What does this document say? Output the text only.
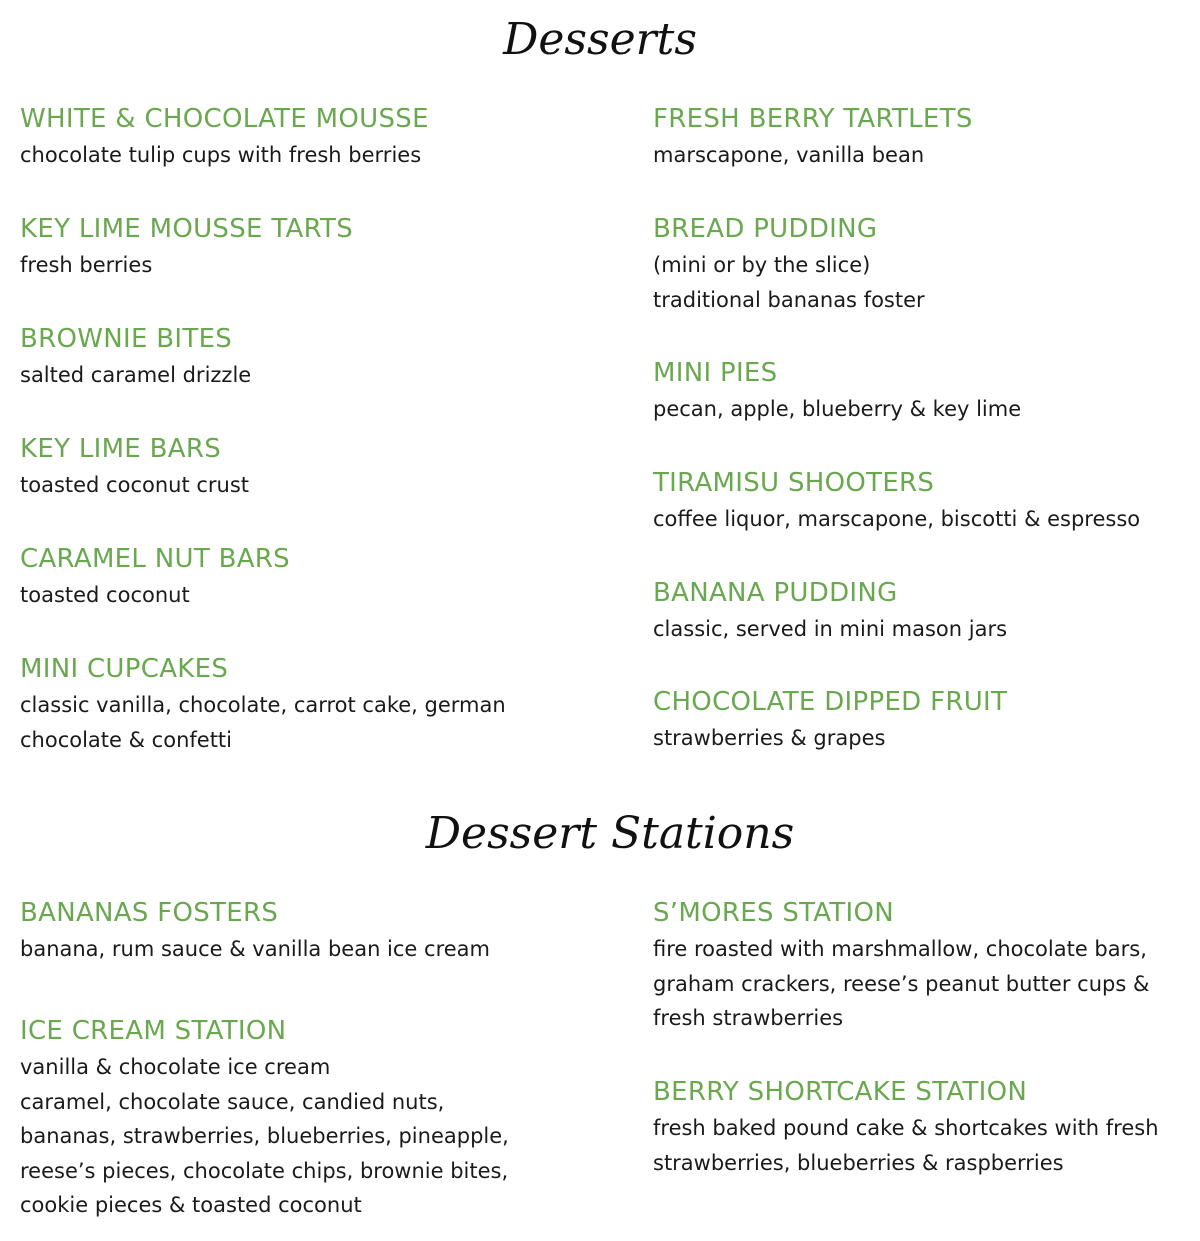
Desserts

WHITE & CHOCOLATE MOUSSE

chocolate tulip cups with fresh berries

KEY LIME MOUSSE TARTS

fresh berries

BROWNIE BITES

salted caramel drizzle

KEY LIME BARS

toasted coconut crust

CARAMEL NUT BARS

toasted coconut

MINI CUPCAKES

classic vanilla, chocolate, carrot cake, german

chocolate & confetti

FRESH BERRY TARTLETS

marscapone, vanilla bean

BREAD PUDDING

(mini or by the slice)

traditional bananas foster

MINI PIES

pecan, apple, blueberry & key lime

TIRAMISU SHOOTERS

coffee liquor, marscapone, biscotti & espresso

BANANA PUDDING

classic, served in mini mason jars

CHOCOLATE DIPPED FRUIT

strawberries & grapes

Dessert Stations

BANANAS FOSTERS

banana, rum sauce & vanilla bean ice cream

ICE CREAM STATION

vanilla & chocolate ice cream

caramel, chocolate sauce, candied nuts,

bananas, strawberries, blueberries, pineapple,

reese’s pieces, chocolate chips, brownie bites,

cookie pieces & toasted coconut

S’MORES STATION

fire roasted with marshmallow, chocolate bars,

graham crackers, reese’s peanut butter cups &

fresh strawberries

BERRY SHORTCAKE STATION

fresh baked pound cake & shortcakes with fresh

strawberries, blueberries & raspberries
